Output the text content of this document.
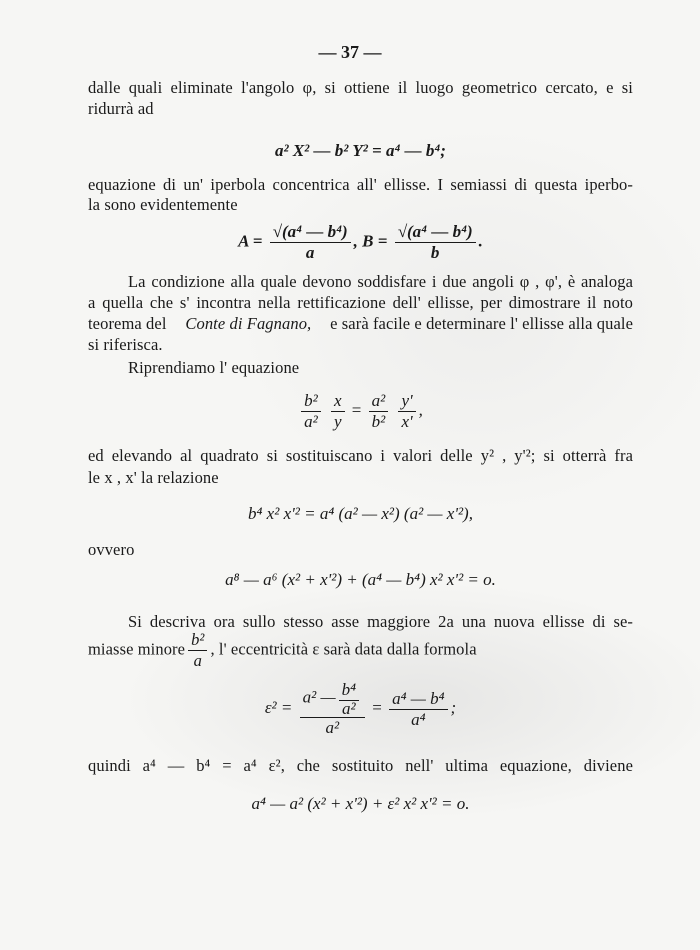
— 37 —
dalle quali eliminate l'angolo φ, si ottiene il luogo geometrico cercato, e si
ridurrà ad
a² X² — b² Y² = a⁴ — b⁴;
equazione di un' iperbola concentrica all' ellisse. I semiassi di questa iperbo-
la sono evidentemente
$A = \frac{\text{√(a⁴ — b⁴)}}{a}$ , $B = \frac{\text{√(a⁴ — b⁴)}}{b}$ .
La condizione alla quale devono soddisfare i due angoli φ , φ', è analoga
a quella che s' incontra nella rettificazione dell' ellisse, per dimostrare il noto
teorema del Conte di Fagnano, e sarà facile e determinare l' ellisse alla quale
si riferisca.
Riprendiamo l' equazione
$\frac{\text{b²}}{\text{a²}}$
$\frac{x}{y} = \frac{\text{a²}}{\text{b²}}$
$\frac{y'}{x'}$ ,
ed elevando al quadrato si sostituiscano i valori delle y² , y'²; si otterrà fra
le x , x' la relazione
b⁴ x² x'² = a⁴ (a² — x²) (a² — x'²),
ovvero
a⁸ — a⁶ (x² + x'²) + (a⁴ — b⁴) x² x'² = o.
Si descriva ora sullo stesso asse maggiore 2a una nuova ellisse di se-
miasse minore $\frac{\text{b²}}{a}$ , l' eccentricità ε sarà data dalla formola
$\varepsilon^2 = \frac{a^2 — \frac{\text{b⁴}}{\text{a²}}}{\text{a²}} = \frac{\text{a⁴ — b⁴}}{\text{a⁴}}$ ;
quindi a⁴ — b⁴ = a⁴ ε², che sostituito nell' ultima equazione, diviene
a⁴ — a² (x² + x'²) + ε² x² x'² = o.
